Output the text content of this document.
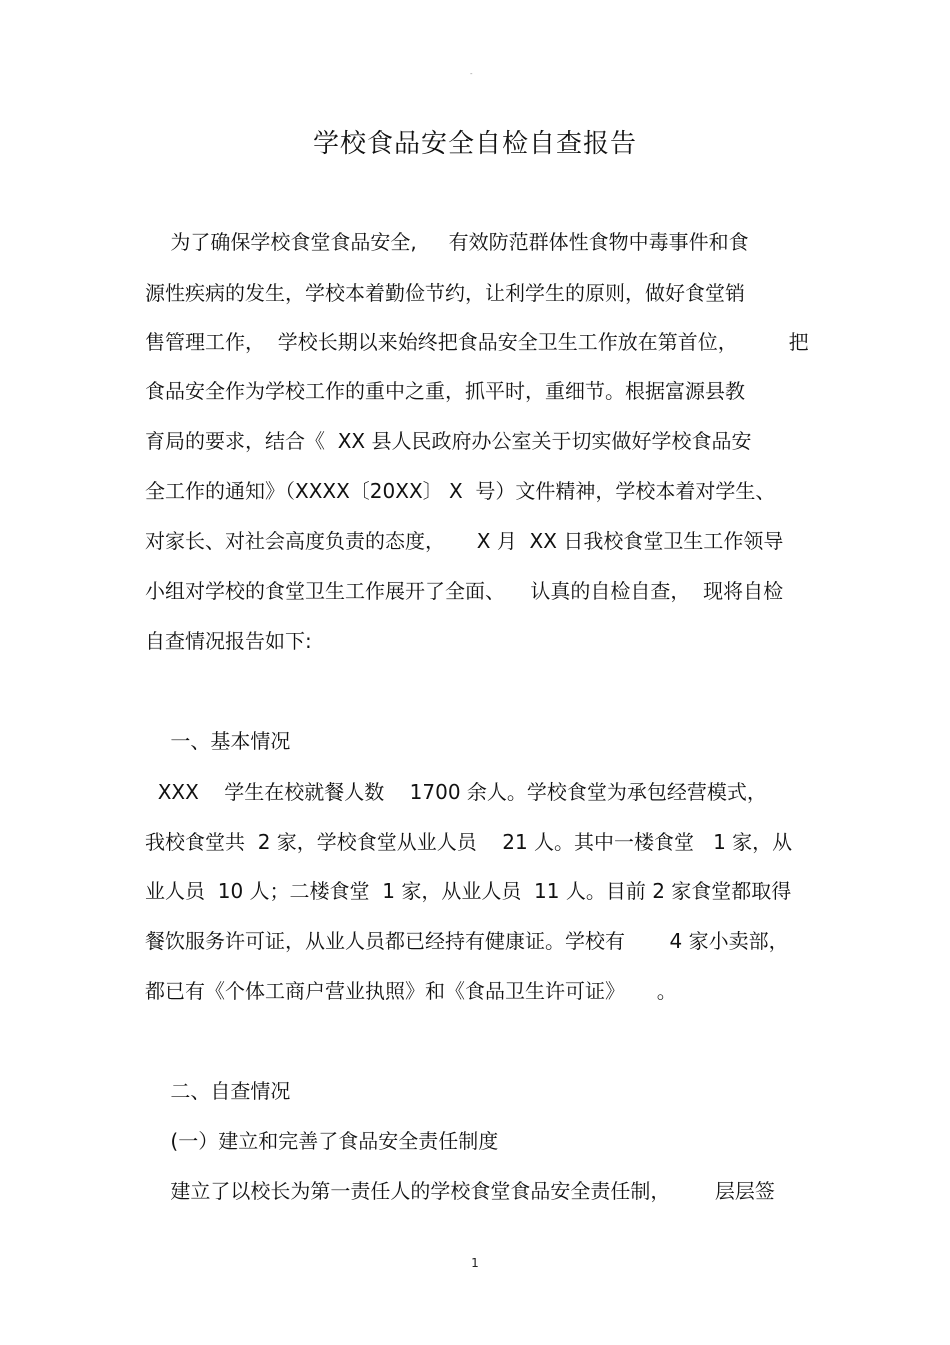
-
学校食品安全自检自查报告
为了确保学校食堂食品安全,     有效防范群体性食物中毒事件和食
源性疾病的发生，学校本着勤俭节约，让利学生的原则，做好食堂销
售管理工作，  学校长期以来始终把食品安全卫生工作放在第首位，        把
食品安全作为学校工作的重中之重，抓平时，重细节。根据富源县教
育局的要求，结合《  XX 县人民政府办公室关于切实做好学校食品安
全工作的通知》（XXXX〔20XX〕 X  号）文件精神，学校本着对学生、
对家长、对社会高度负责的态度，     X 月  XX 日我校食堂卫生工作领导
小组对学校的食堂卫生工作展开了全面、    认真的自检自查，  现将自检
自查情况报告如下:
一、基本情况
XXX    学生在校就餐人数    1700 余人。学校食堂为承包经营模式，
我校食堂共  2 家，学校食堂从业人员    21 人。其中一楼食堂   1 家，从
业人员  10 人；二楼食堂  1 家，从业人员  11 人。目前 2 家食堂都取得
餐饮服务许可证，从业人员都已经持有健康证。学校有       4 家小卖部，
都已有《个体工商户营业执照》和《食品卫生许可证》     。
二、自查情况
(一）建立和完善了食品安全责任制度
建立了以校长为第一责任人的学校食堂食品安全责任制，       层层签
1
